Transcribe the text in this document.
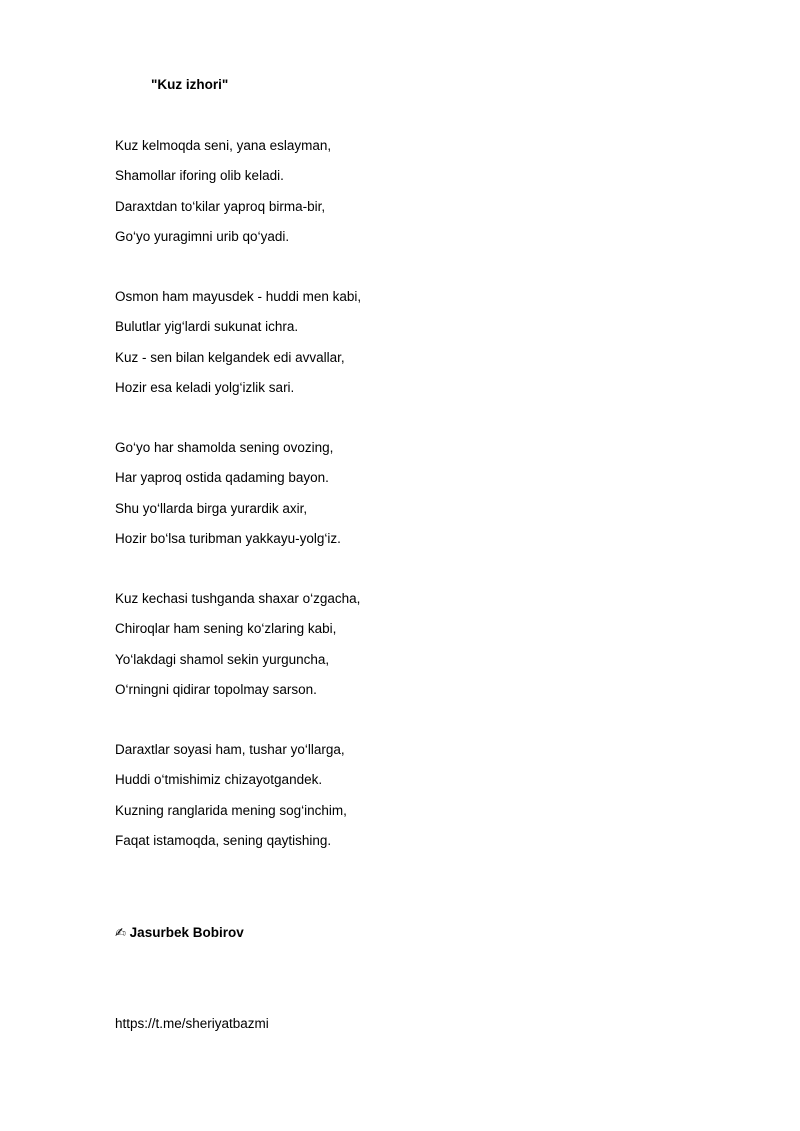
"Kuz izhori"
Kuz kelmoqda seni, yana eslayman,
Shamollar iforing olib keladi.
Daraxtdan to‘kilar yaproq birma-bir,
Go‘yo yuragimni urib qo‘yadi.
Osmon ham mayusdek - huddi men kabi,
Bulutlar yig‘lardi sukunat ichra.
Kuz - sen bilan kelgandek edi avvallar,
Hozir esa keladi yolg‘izlik sari.
Go‘yo har shamolda sening ovozing,
Har yaproq ostida qadaming bayon.
Shu yo‘llarda birga yurardik axir,
Hozir bo‘lsa turibman yakkayu-yolg‘iz.
Kuz kechasi tushganda shaxar o‘zgacha,
Chiroqlar ham sening ko‘zlaring kabi,
Yo‘lakdagi shamol sekin yurguncha,
O‘rningni qidirar topolmay sarson.
Daraxtlar soyasi ham, tushar yo‘llarga,
Huddi o‘tmishimiz chizayotgandek.
Kuzning ranglarida mening sog‘inchim,
Faqat istamoqda, sening qaytishing.
✍ Jasurbek Bobirov
https://t.me/sheriyatbazmi
